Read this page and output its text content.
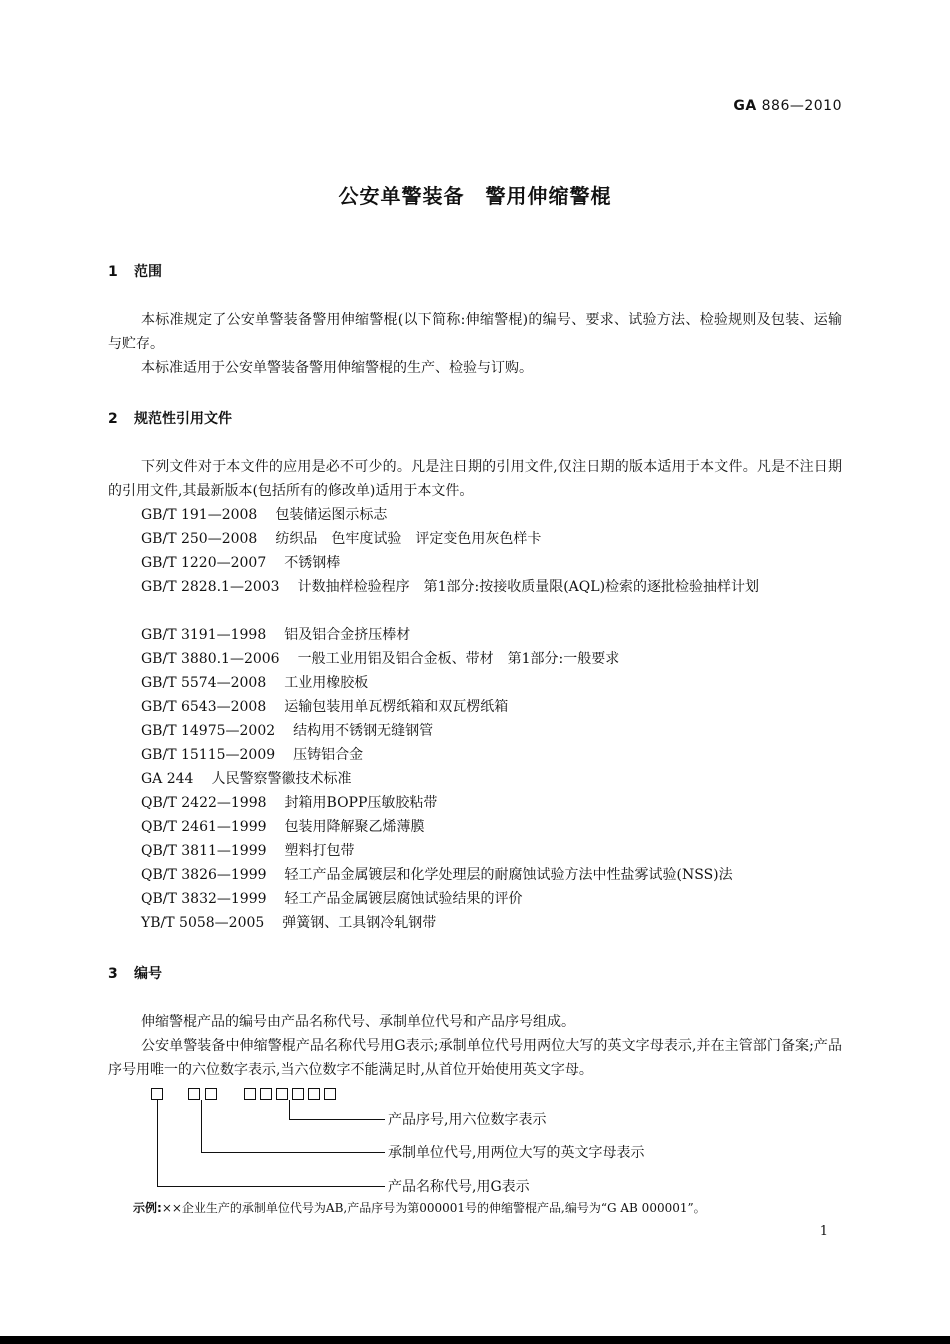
GA 886—2010
公安单警装备　警用伸缩警棍
1 范围
本标准规定了公安单警装备警用伸缩警棍(以下简称:伸缩警棍)的编号、要求、试验方法、检验规则及包装、运输与贮存。
本标准适用于公安单警装备警用伸缩警棍的生产、检验与订购。
2 规范性引用文件
下列文件对于本文件的应用是必不可少的。凡是注日期的引用文件,仅注日期的版本适用于本文件。凡是不注日期的引用文件,其最新版本(包括所有的修改单)适用于本文件。
GB/T 191—2008 包装储运图示标志
GB/T 250—2008 纺织品　色牢度试验　评定变色用灰色样卡
GB/T 1220—2007 不锈钢棒
GB/T 2828.1—2003 计数抽样检验程序　第1部分:按接收质量限(AQL)检索的逐批检验抽样计划
GB/T 3191—1998 铝及铝合金挤压棒材
GB/T 3880.1—2006 一般工业用铝及铝合金板、带材　第1部分:一般要求
GB/T 5574—2008 工业用橡胶板
GB/T 6543—2008 运输包装用单瓦楞纸箱和双瓦楞纸箱
GB/T 14975—2002 结构用不锈钢无缝钢管
GB/T 15115—2009 压铸铝合金
GA 244 人民警察警徽技术标准
QB/T 2422—1998 封箱用BOPP压敏胶粘带
QB/T 2461—1999 包装用降解聚乙烯薄膜
QB/T 3811—1999 塑料打包带
QB/T 3826—1999 轻工产品金属镀层和化学处理层的耐腐蚀试验方法中性盐雾试验(NSS)法
QB/T 3832—1999 轻工产品金属镀层腐蚀试验结果的评价
YB/T 5058—2005 弹簧钢、工具钢冷轧钢带
3 编号
伸缩警棍产品的编号由产品名称代号、承制单位代号和产品序号组成。
公安单警装备中伸缩警棍产品名称代号用G表示;承制单位代号用两位大写的英文字母表示,并在主管部门备案;产品序号用唯一的六位数字表示,当六位数字不能满足时,从首位开始使用英文字母。
产品序号,用六位数字表示
承制单位代号,用两位大写的英文字母表示
产品名称代号,用G表示
示例:××企业生产的承制单位代号为AB,产品序号为第000001号的伸缩警棍产品,编号为“G AB 000001”。
1
